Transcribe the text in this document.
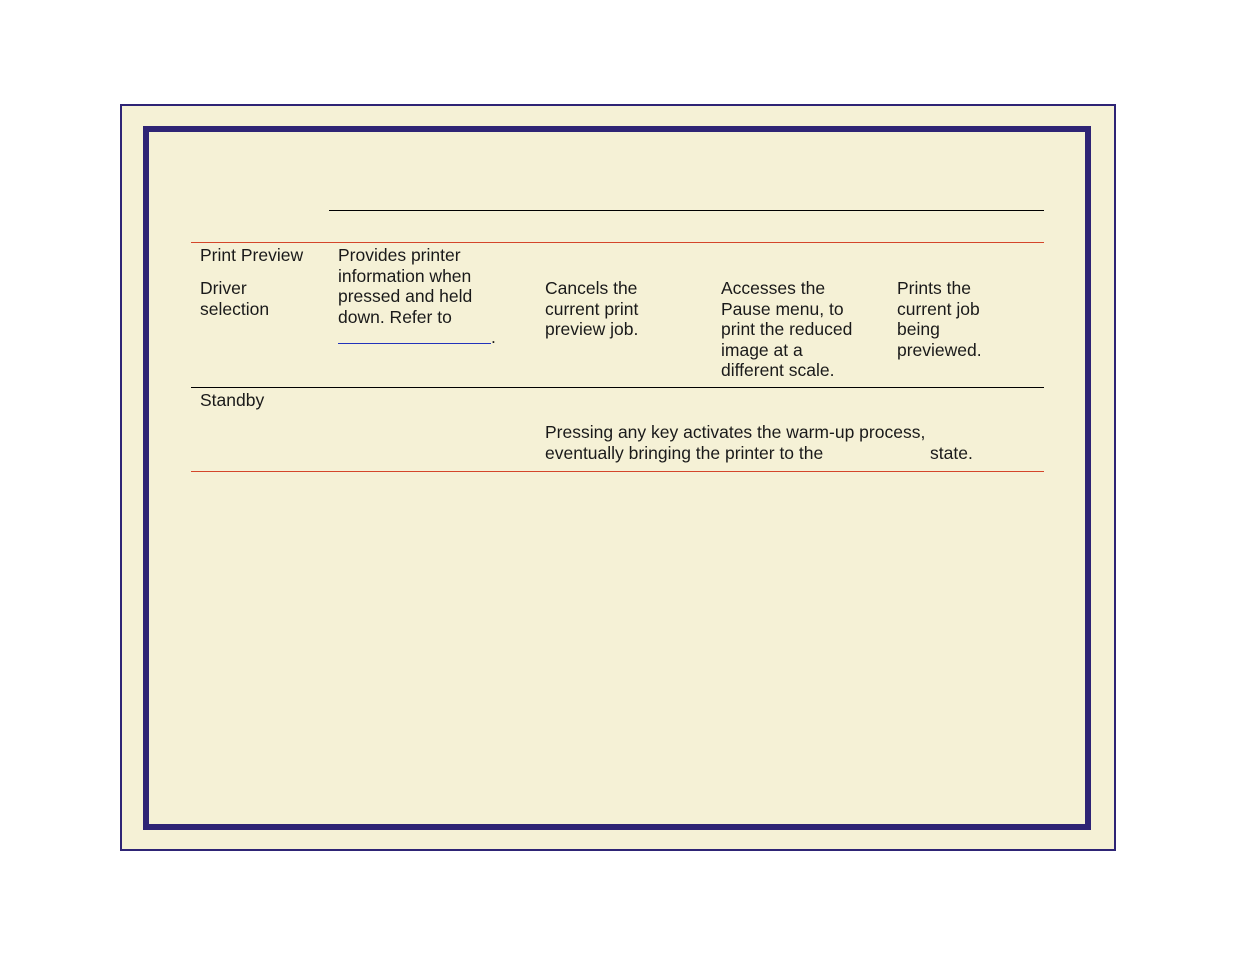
Print Preview

Driver
selection

Provides printer
information when
pressed and held
down. Refer to

.

Cancels the
current print
preview job.

Accesses the
Pause menu, to
print the reduced
image at a
different scale.

Prints the
current job
being
previewed.

Standby

Pressing any key activates the warm-up process,

eventually bringing the printer to the	state.
